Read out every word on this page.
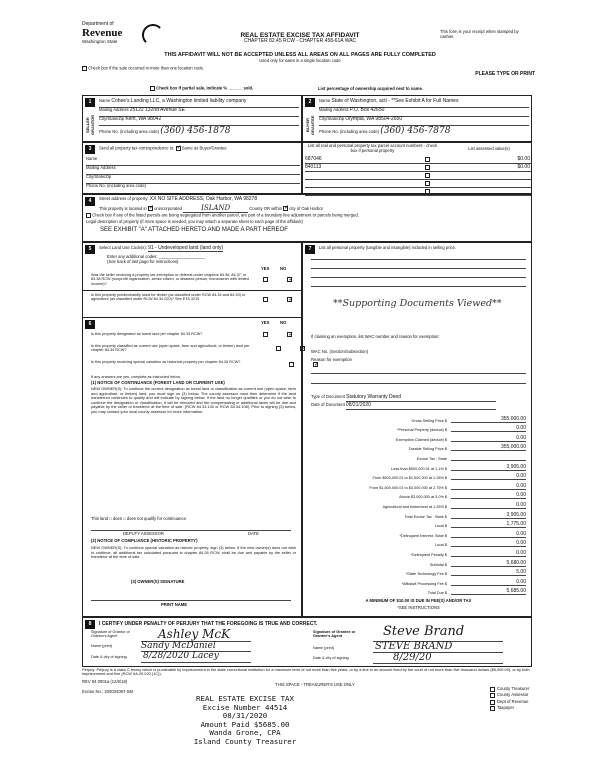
Department of
Revenue
Washington State
REAL ESTATE EXCISE TAX AFFIDAVIT
CHAPTER 82.45 RCW - CHAPTER 458-61A WAC
This form is your receipt when stamped by cashier.
THIS AFFIDAVIT WILL NOT BE ACCEPTED UNLESS ALL AREAS ON ALL PAGES ARE FULLY COMPLETED
Used only for sales in a single location code
Check box if the sale occurred in more than one location code.
PLEASE TYPE OR PRINT
Check box if partial sale, indicate % ______ sold.	List percentage of ownership acquired next to name.
1
SELLER GRANTOR
Name Cohee's Landing LLC, a Washington limited liability company
Mailing Address 25122 132nd Avenue SE
City/State/Zip Kent, WA 98042
Phone No. (including area code) (360) 456-1878
2
BUYER GRANTEE
Name State of Washington, acti - **See Exhibit A for Full Names
Mailing Address P.O. Box 42650
City/State/Zip Olympia, WA 98504-2650
Phone No. (including area code) (360) 456-7878
3	Send all property tax correspondence to: ✓ Same as Buyer/Grantee
Name
Mailing Address
City/State/Zip
Phone No. (including area code)
List all real and personal property tax parcel account numbers - check box if personal property	List assessed value(s)
687046	$0.00
840113	$0.00
4	Street address of property: XX NO SITE ADDRESS, Oak Harbor, WA 98278
This property is located in ✓ unincorporated	ISLAND	County OR within ✓ city of Oak Harbor
Check box if any of the listed parcels are being segregated from another parcel, are part of a boundary line adjustment or parcels being merged.
Legal description of property (if more space is needed, you may attach a separate sheet to each page of the affidavit)
SEE EXHIBIT "A" ATTACHED HERETO AND MADE A PART HEREOF
5	Select Land Use Code(s): 91 - Undeveloped land (land only)
Enter any additional codes: ____________________
(See back of last page for instructions)
YES	NO
Was the seller receiving a property tax exemption or deferral under chapters 84.36, 84.37, or 84.38 RCW (nonprofit organization, senior citizen, or disabled person, homeowner with limited income)?

✓
Is this property predominantly used for timber (as classified under RCW 84.34 and 84.33) or agriculture (as classified under RCW 84.34.020)? See ETA 3215
	✓
6	YES	NO
Is this property designated as forest land per chapter 84.33 RCW?
	✓

Is this property classified as current use (open space, farm and agricultural, or timber) land per chapter 84.34 RCW?
	✓

Is this property receiving special valuation as historical property per chapter 84.26 RCW?

✓
If any answers are yes, complete as instructed below.
(1) NOTICE OF CONTINUANCE (FOREST LAND OR CURRENT USE)
NEW OWNER(S): To continue the current designation as forest land or classification as current use (open space, farm and agriculture, or timber) land, you must sign on (3) below. The county assessor must then determine if the land transferred continues to qualify and will indicate by signing below. If the land no longer qualifies or you do not wish to continue the designation or classification, it will be removed and the compensating or additional taxes will be due and payable by the seller or transferor at the time of sale. (RCW 84.33.140 or RCW 84.34.108). Prior to signing (3) below, you may contact your local county assessor for more information.
This land □ does □ does not qualify for continuance.
DEPUTY ASSESSOR	DATE
(2) NOTICE OF COMPLIANCE (HISTORIC PROPERTY)
NEW OWNER(S): To continue special valuation as historic property, sign (3) below. If the new owner(s) does not wish to continue, all additional tax calculated pursuant to chapter 84.26 RCW, shall be due and payable by the seller or transferor at the time of sale.
(3) OWNER(S) SIGNATURE
PRINT NAME
7	List all personal property (tangible and intangible) included in selling price.
**Supporting Documents Viewed**
If claiming an exemption, list WAC number and reason for exemption:
WAC No. (Section/Subsection)
Reason for exemption
Type of Document Statutory Warranty Deed
Date of Document 08/21/2020
Gross Selling Price $	355,000.00
*Personal Property (deduct) $	0.00
Exemption Claimed (deduct) $	0.00
Taxable Selling Price $	355,000.00
Excise Tax : State
Less than $500,000.01 at 1.1% $	3,905.00
From $500,000.01 to $1,500,000 at 1.28% $	0.00
From $1,500,000.01 to $3,000,000 at 2.75% $	0.00
Above $3,000,000 at 3.0% $	0.00
Agricultural and timberland at 1.28% $	0.00
Total Excise Tax : State $	3,905.00
Local $	1,775.00
*Delinquent Interest: State $	0.00
Local $	0.00
*Delinquent Penalty $	0.00
Subtotal $	5,680.00
*State Technology Fee $	5.00
*Affidavit Processing Fee $	0.00
Total Due $	5,685.00
A MINIMUM OF $10.00 IS DUE IN FEE(S) AND/OR TAX
*SEE INSTRUCTIONS
8	I CERTIFY UNDER PENALTY OF PERJURY THAT THE FOREGOING IS TRUE AND CORRECT.
Signature of Grantor or Grantor's Agent	Ashley McK
Name (print)	Sandy McDaniel
Date & city of signing 8/28/2020 Lacey
Signature of Grantee or Grantee's Agent	Steve Brand
Name (print)	STEVE BRAND
Date & city of signing	8/29/20
Perjury: Perjury is a class C felony which is punishable by imprisonment in the state correctional institution for a maximum term of not more than five years, or by a fine in an amount fixed by the court of not more than five thousand dollars ($5,000.00), or by both imprisonment and fine (RCW 9A.20.020 (1C)).
REV 84 0001a (12/6/18)
THIS SPACE - TREASURER'S USE ONLY
Excise No.: 200034097-SM
REAL ESTATE EXCISE TAX
Excise Number 44514
08/31/2020
Amount Paid $5685.00
Wanda Grone, CPA
Island County Treasurer
County Treasurer
County Assessor
Dept of Revenue
Taxpayer
